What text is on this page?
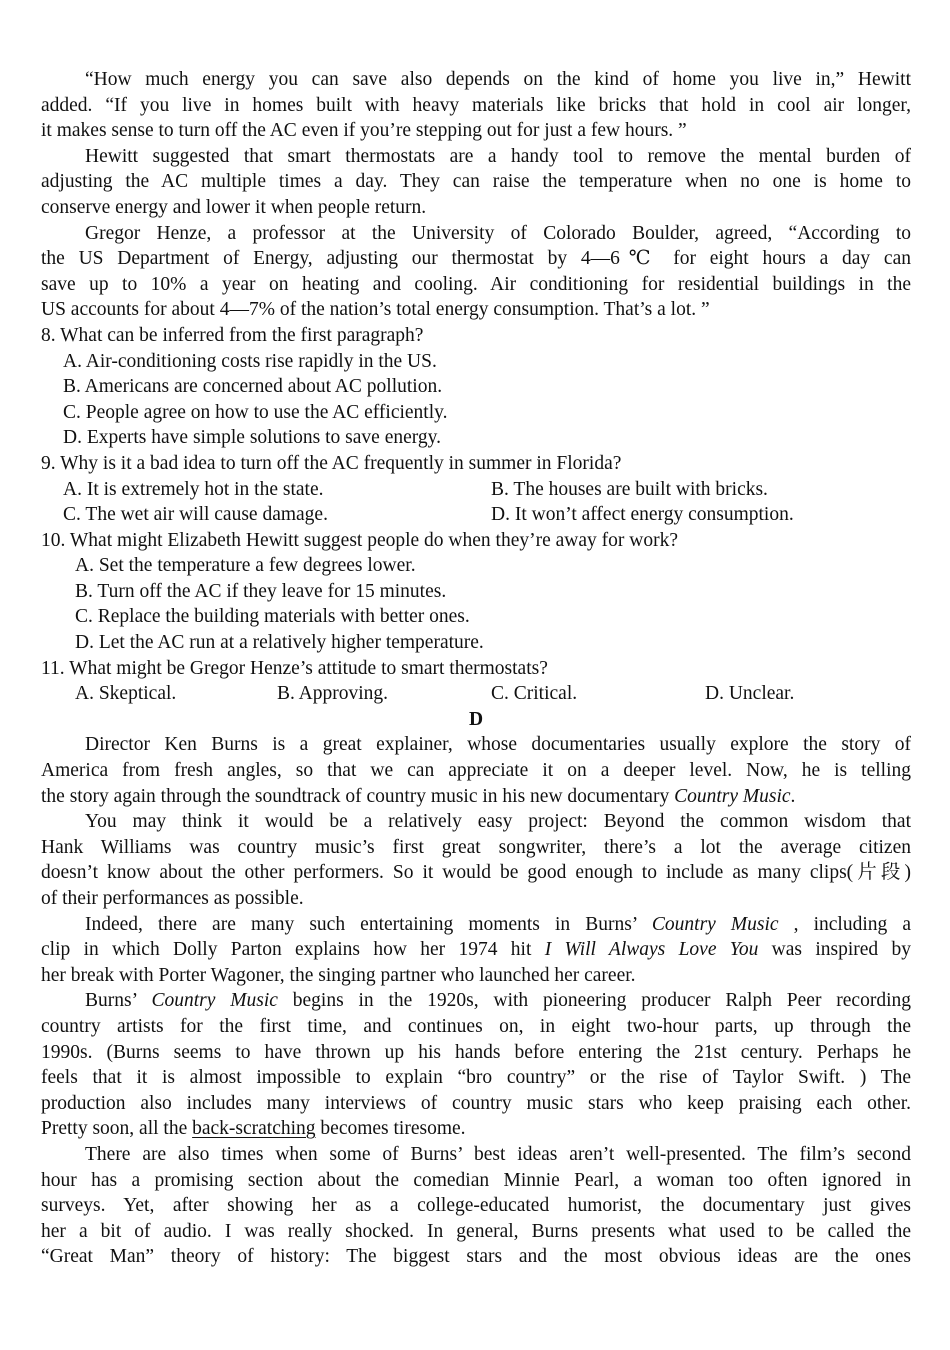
“How much energy you can save also depends on the kind of home you live in,” Hewitt
added. “If you live in homes built with heavy materials like bricks that hold in cool air longer,
it makes sense to turn off the AC even if you’re stepping out for just a few hours. ”
Hewitt suggested that smart thermostats are a handy tool to remove the mental burden of
adjusting the AC multiple times a day. They can raise the temperature when no one is home to
conserve energy and lower it when people return.
Gregor Henze, a professor at the University of Colorado Boulder, agreed, “According to
the US Department of Energy, adjusting our thermostat by 4—6℃ for eight hours a day can
save up to 10% a year on heating and cooling. Air conditioning for residential buildings in the
US accounts for about 4—7% of the nation’s total energy consumption. That’s a lot. ”
8. What can be inferred from the first paragraph?
A. Air-conditioning costs rise rapidly in the US.
B. Americans are concerned about AC pollution.
C. People agree on how to use the AC efficiently.
D. Experts have simple solutions to save energy.
9. Why is it a bad idea to turn off the AC frequently in summer in Florida?
A. It is extremely hot in the state.	B. The houses are built with bricks.
C. The wet air will cause damage.	D. It won’t affect energy consumption.
10. What might Elizabeth Hewitt suggest people do when they’re away for work?
A. Set the temperature a few degrees lower.
B. Turn off the AC if they leave for 15 minutes.
C. Replace the building materials with better ones.
D. Let the AC run at a relatively higher temperature.
11. What might be Gregor Henze’s attitude to smart thermostats?
A. Skeptical.	B. Approving.	C. Critical.	D. Unclear.
D
Director Ken Burns is a great explainer, whose documentaries usually explore the story of
America from fresh angles, so that we can appreciate it on a deeper level. Now, he is telling
the story again through the soundtrack of country music in his new documentary Country Music.
You may think it would be a relatively easy project: Beyond the common wisdom that
Hank Williams was country music’s first great songwriter, there’s a lot the average citizen
doesn’t know about the other performers. So it would be good enough to include as many clips(片段)
of their performances as possible.
Indeed, there are many such entertaining moments in Burns’ Country Music , including a
clip in which Dolly Parton explains how her 1974 hit I Will Always Love You was inspired by
her break with Porter Wagoner, the singing partner who launched her career.
Burns’ Country Music begins in the 1920s, with pioneering producer Ralph Peer recording
country artists for the first time, and continues on, in eight two-hour parts, up through the
1990s. (Burns seems to have thrown up his hands before entering the 21st century. Perhaps he
feels that it is almost impossible to explain “bro country” or the rise of Taylor Swift. ) The
production also includes many interviews of country music stars who keep praising each other.
Pretty soon, all the back-scratching becomes tiresome.
There are also times when some of Burns’ best ideas aren’t well-presented. The film’s second
hour has a promising section about the comedian Minnie Pearl, a woman too often ignored in
surveys. Yet, after showing her as a college-educated humorist, the documentary just gives
her a bit of audio. I was really shocked. In general, Burns presents what used to be called the
“Great Man” theory of history: The biggest stars and the most obvious ideas are the ones
